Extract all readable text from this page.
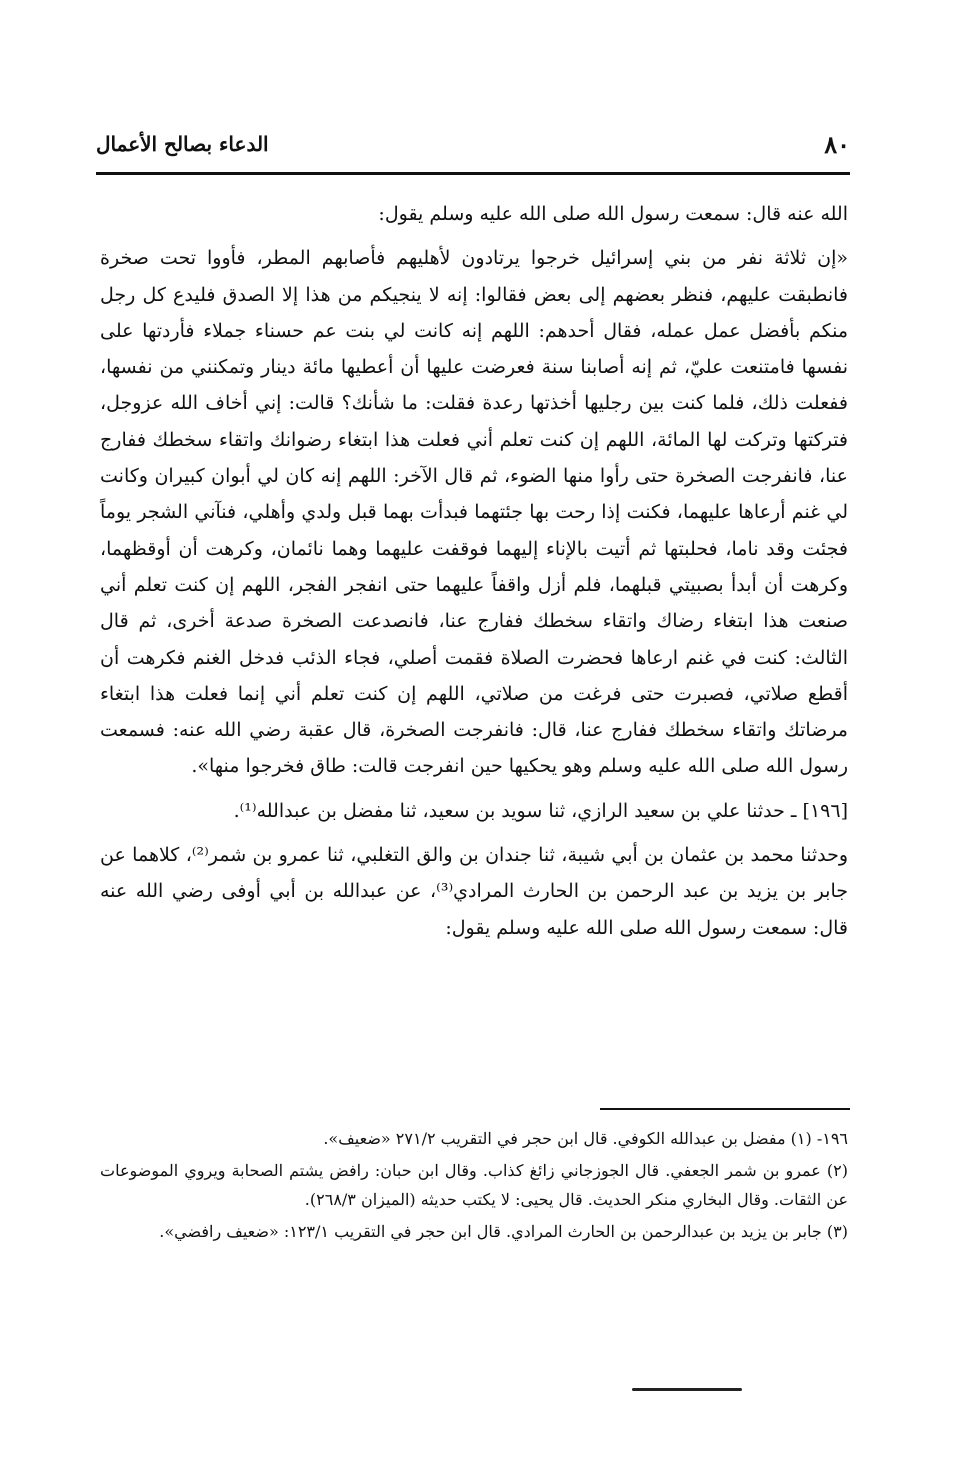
٨٠
الدعاء بصالح الأعمال

الله عنه قال: سمعت رسول الله صلى الله عليه وسلم يقول:

«إن ثلاثة نفر من بني إسرائيل خرجوا يرتادون لأهليهم فأصابهم المطر، فأووا تحت صخرة فانطبقت عليهم، فنظر بعضهم إلى بعض فقالوا: إنه لا ينجيكم من هذا إلا الصدق فليدع كل رجل منكم بأفضل عمل عمله، فقال أحدهم: اللهم إنه كانت لي بنت عم حسناء جملاء فأردتها على نفسها فامتنعت عليّ، ثم إنه أصابنا سنة فعرضت عليها أن أعطيها مائة دينار وتمكنني من نفسها، ففعلت ذلك، فلما كنت بين رجليها أخذتها رعدة فقلت: ما شأنك؟ قالت: إني أخاف الله عزوجل، فتركتها وتركت لها المائة، اللهم إن كنت تعلم أني فعلت هذا ابتغاء رضوانك واتقاء سخطك ففارج عنا، فانفرجت الصخرة حتى رأوا منها الضوء، ثم قال الآخر: اللهم إنه كان لي أبوان كبيران وكانت لي غنم أرعاها عليهما، فكنت إذا رحت بها جئتهما فبدأت بهما قبل ولدي وأهلي، فنآني الشجر يوماً فجئت وقد ناما، فحلبتها ثم أتيت بالإناء إليهما فوقفت عليهما وهما نائمان، وكرهت أن أوقظهما، وكرهت أن أبدأ بصبيتي قبلهما، فلم أزل واقفاً عليهما حتى انفجر الفجر، اللهم إن كنت تعلم أني صنعت هذا ابتغاء رضاك واتقاء سخطك ففارج عنا، فانصدعت الصخرة صدعة أخرى، ثم قال الثالث: كنت في غنم ارعاها فحضرت الصلاة فقمت أصلي، فجاء الذئب فدخل الغنم فكرهت أن أقطع صلاتي، فصبرت حتى فرغت من صلاتي، اللهم إن كنت تعلم أني إنما فعلت هذا ابتغاء مرضاتك واتقاء سخطك ففارج عنا، قال: فانفرجت الصخرة، قال عقبة رضي الله عنه: فسمعت رسول الله صلى الله عليه وسلم وهو يحكيها حين انفرجت قالت: طاق فخرجوا منها».

[١٩٦] ـ حدثنا علي بن سعيد الرازي، ثنا سويد بن سعيد، ثنا مفضل بن عبدالله⁽¹⁾.

وحدثنا محمد بن عثمان بن أبي شيبة، ثنا جندان بن والق التغلبي، ثنا عمرو بن شمر⁽²⁾، كلاهما عن جابر بن يزيد بن عبد الرحمن بن الحارث المرادي⁽³⁾، عن عبدالله بن أبي أوفى رضي الله عنه قال: سمعت رسول الله صلى الله عليه وسلم يقول:

١٩٦- (١) مفضل بن عبدالله الكوفي. قال ابن حجر في التقريب ٢٧١/٢ «ضعيف».

(٢) عمرو بن شمر الجعفي. قال الجوزجاني زائغ كذاب. وقال ابن حبان: رافض يشتم الصحابة ويروي الموضوعات عن الثقات. وقال البخاري منكر الحديث. قال يحيى: لا يكتب حديثه (الميزان ٢٦٨/٣).

(٣) جابر بن يزيد بن عبدالرحمن بن الحارث المرادي. قال ابن حجر في التقريب ١٢٣/١: «ضعيف رافضي».
